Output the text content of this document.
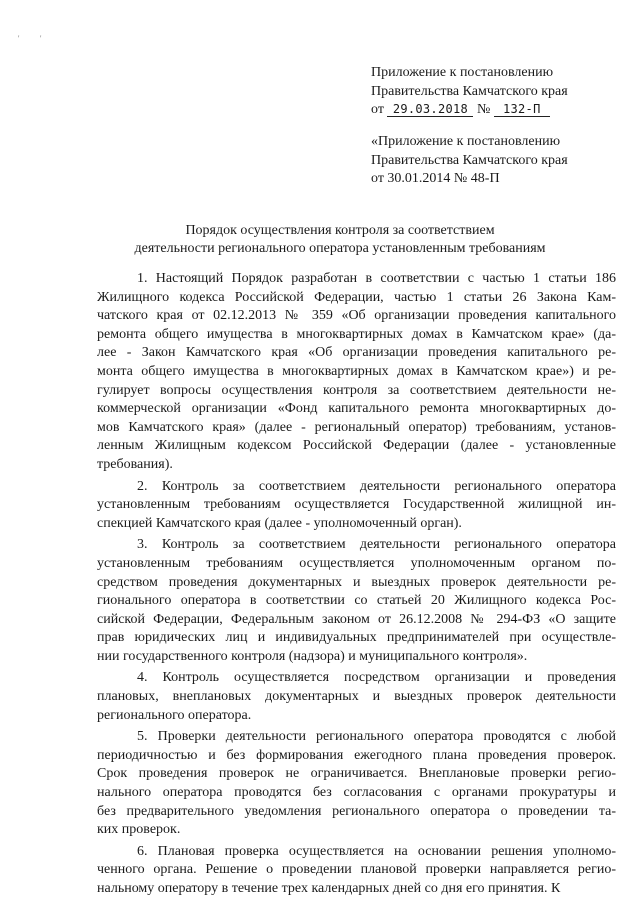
'	'
Приложение к постановлению
Правительства Камчатского края
от 29.03.2018 № 132-П
«Приложение к постановлению
Правительства Камчатского края
от 30.01.2014 № 48-П
Порядок осуществления контроля за соответствием
деятельности регионального оператора установленным требованиям
1. Настоящий Порядок разработан в соответствии с частью 1 статьи 186
Жилищного кодекса Российской Федерации, частью 1 статьи 26 Закона Кам-
чатского края от 02.12.2013 № 359 «Об организации проведения капитального
ремонта общего имущества в многоквартирных домах в Камчатском крае» (да-
лее - Закон Камчатского края «Об организации проведения капитального ре-
монта общего имущества в многоквартирных домах в Камчатском крае») и ре-
гулирует вопросы осуществления контроля за соответствием деятельности не-
коммерческой организации «Фонд капитального ремонта многоквартирных до-
мов Камчатского края» (далее - региональный оператор) требованиям, установ-
ленным Жилищным кодексом Российской Федерации (далее - установленные
требования).
2. Контроль за соответствием деятельности регионального оператора
установленным требованиям осуществляется Государственной жилищной ин-
спекцией Камчатского края (далее - уполномоченный орган).
3. Контроль за соответствием деятельности регионального оператора
установленным требованиям осуществляется уполномоченным органом по-
средством проведения документарных и выездных проверок деятельности ре-
гионального оператора в соответствии со статьей 20 Жилищного кодекса Рос-
сийской Федерации, Федеральным законом от 26.12.2008 № 294-ФЗ «О защите
прав юридических лиц и индивидуальных предпринимателей при осуществле-
нии государственного контроля (надзора) и муниципального контроля».
4. Контроль осуществляется посредством организации и проведения
плановых, внеплановых документарных и выездных проверок деятельности
регионального оператора.
5. Проверки деятельности регионального оператора проводятся с любой
периодичностью и без формирования ежегодного плана проведения проверок.
Срок проведения проверок не ограничивается. Внеплановые проверки регио-
нального оператора проводятся без согласования с органами прокуратуры и
без предварительного уведомления регионального оператора о проведении та-
ких проверок.
6. Плановая проверка осуществляется на основании решения уполномо-
ченного органа. Решение о проведении плановой проверки направляется регио-
нальному оператору в течение трех календарных дней со дня его принятия. К
